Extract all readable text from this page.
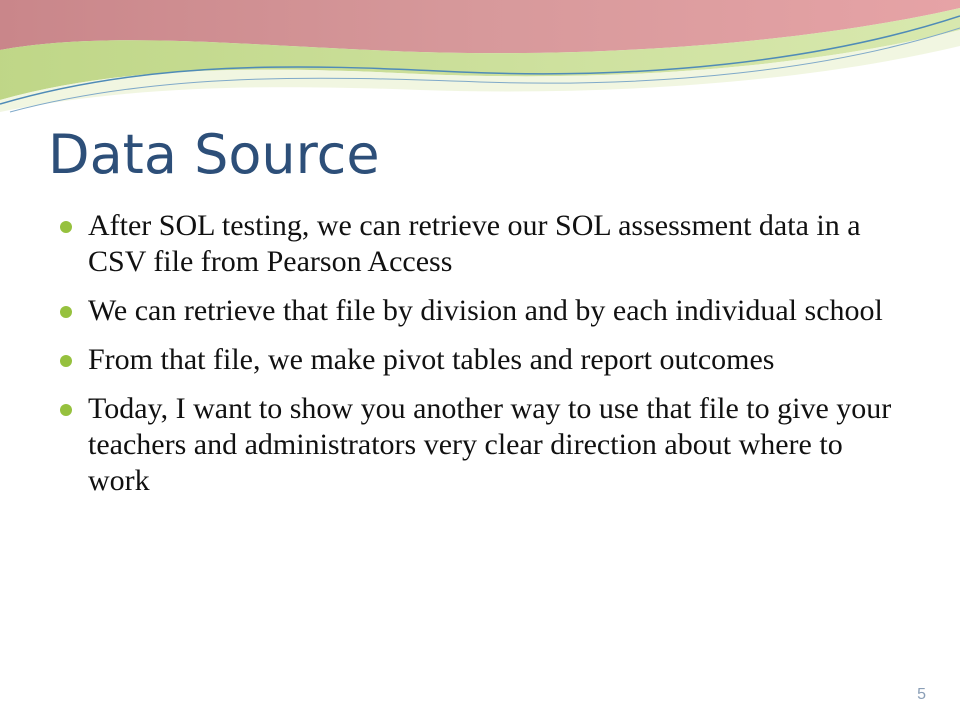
Data Source
After SOL testing, we can retrieve our SOL assessment data in a CSV file from Pearson Access
We can retrieve that file by division and by each individual school
From that file, we make pivot tables and report outcomes
Today, I want to show you another way to use that file to give your teachers and administrators very clear direction about where to work
5
